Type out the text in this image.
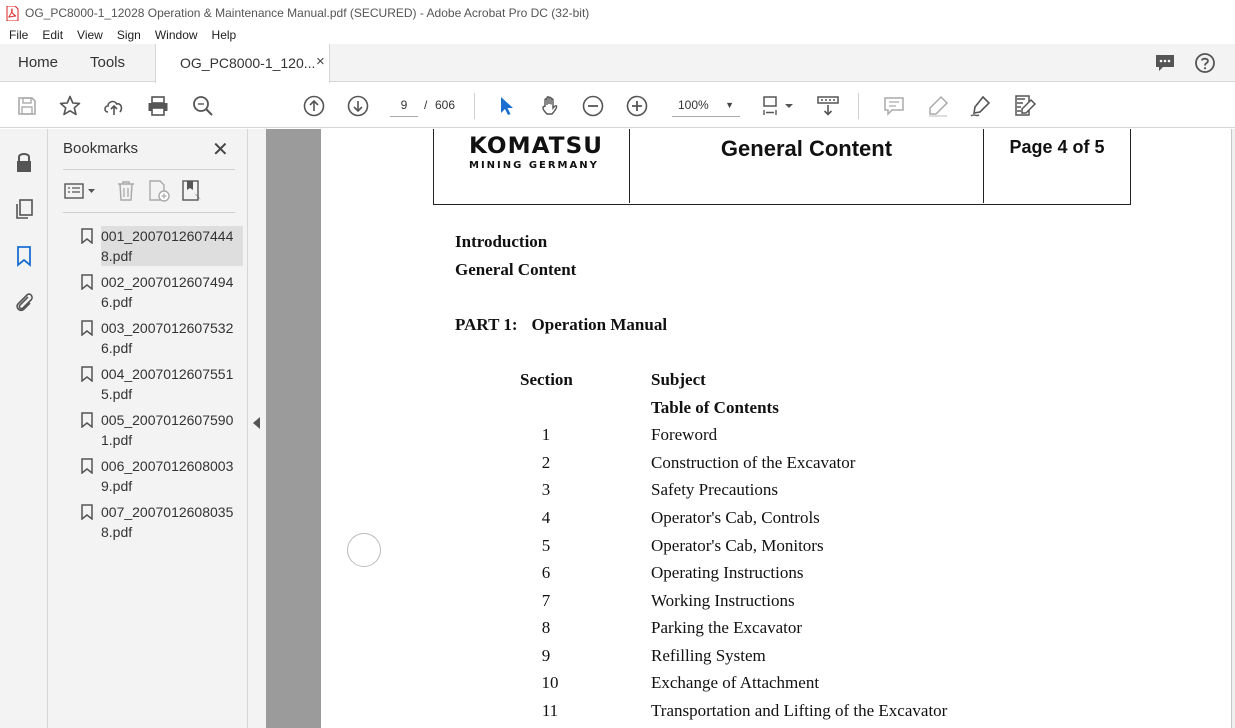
OG_PC8000-1_12028 Operation & Maintenance Manual.pdf (SECURED) - Adobe Acrobat Pro DC (32-bit)
File Edit View Sign Window Help
Home Tools	OG_PC8000-1_120... ×
9	/ 606	100% ▼
Bookmarks	✕
001_20070126074448.pdf
002_20070126074946.pdf
003_20070126075326.pdf
004_20070126075515.pdf
005_20070126075901.pdf
006_20070126080039.pdf
007_20070126080358.pdf
KOMATSU
MINING GERMANY
General Content	Page 4 of 5
Introduction
General Content
PART 1: Operation Manual
Section	Subject
Table of Contents
1	Foreword
2	Construction of the Excavator
3	Safety Precautions
4	Operator's Cab, Controls
5	Operator's Cab, Monitors
6	Operating Instructions
7	Working Instructions
8	Parking the Excavator
9	Refilling System
10	Exchange of Attachment
11	Transportation and Lifting of the Excavator
